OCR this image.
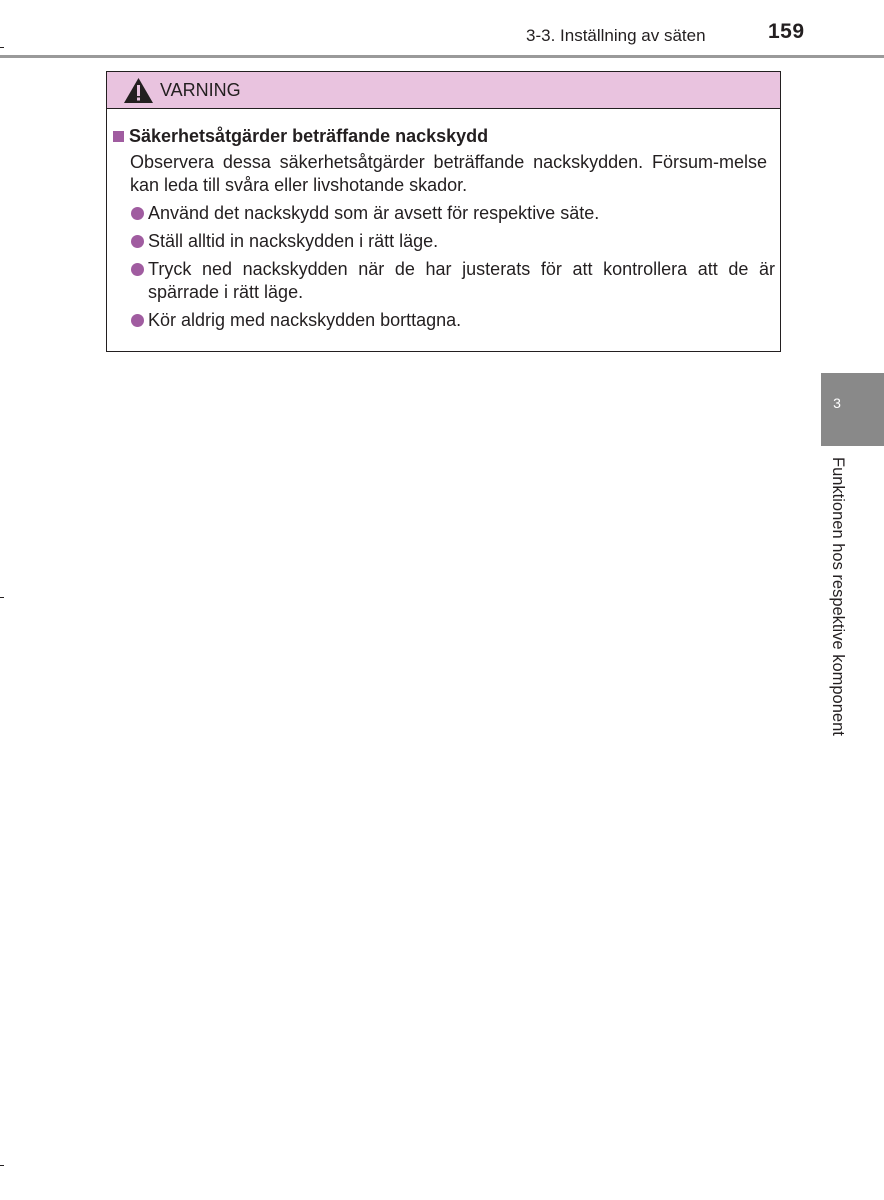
3-3. Inställning av säten	159
VARNING
Säkerhetsåtgärder beträffande nackskydd
Observera dessa säkerhetsåtgärder beträffande nackskydden. Försum-melse kan leda till svåra eller livshotande skador.
Använd det nackskydd som är avsett för respektive säte.
Ställ alltid in nackskydden i rätt läge.
Tryck ned nackskydden när de har justerats för att kontrollera att de är spärrade i rätt läge.
Kör aldrig med nackskydden borttagna.
3
Funktionen hos respektive komponent
